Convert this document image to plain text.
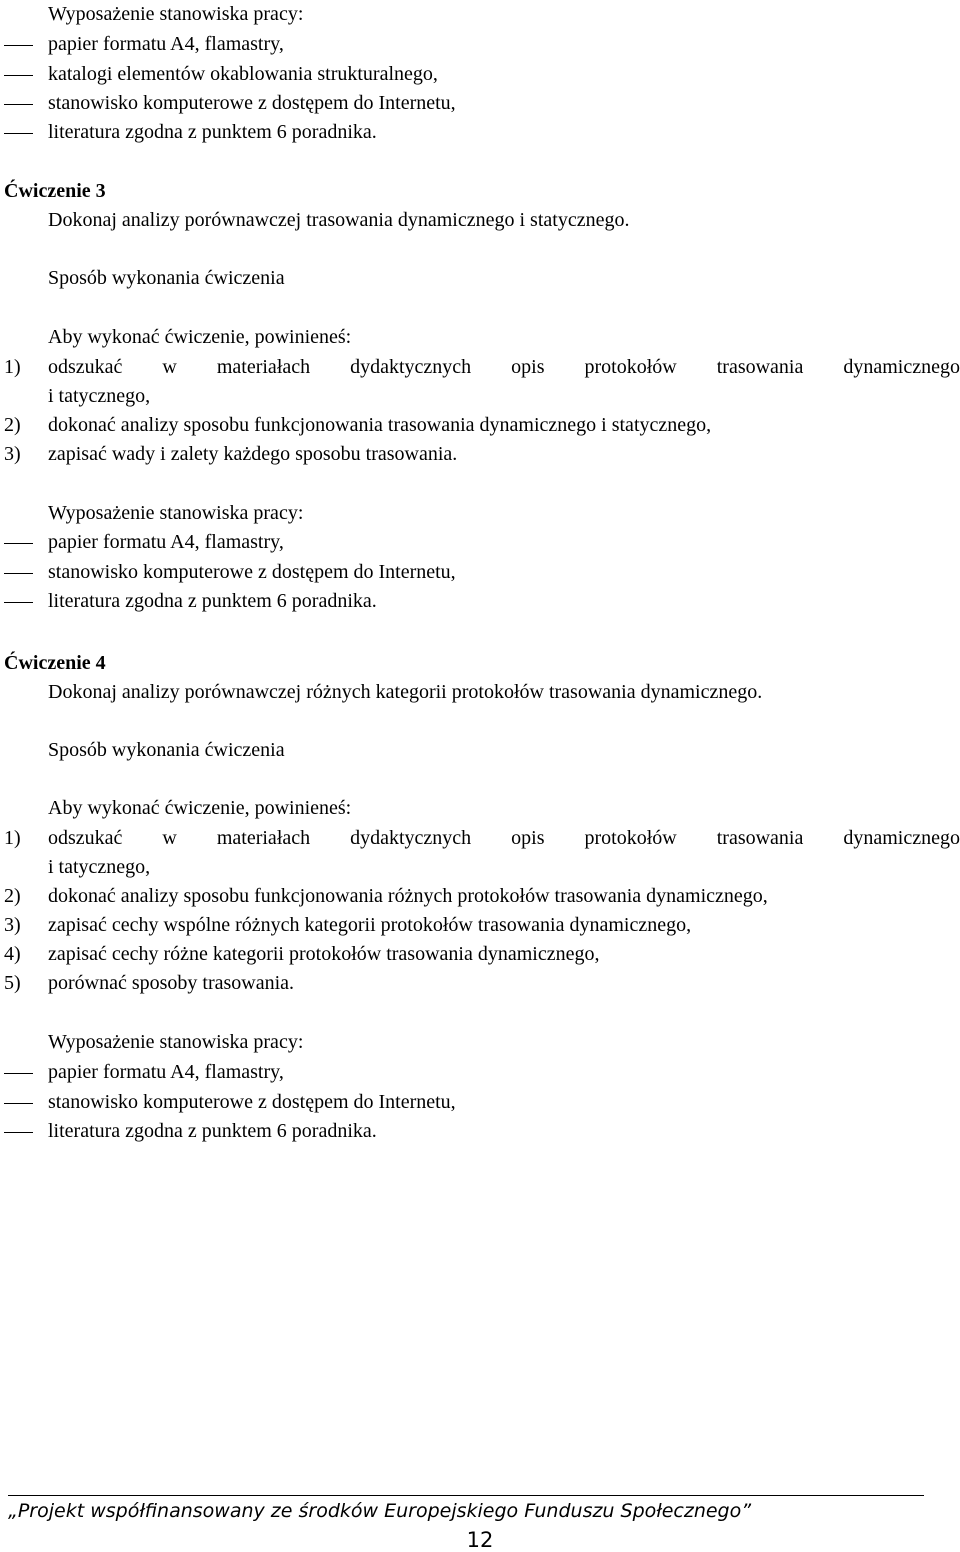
Wyposażenie stanowiska pracy:
papier formatu A4, flamastry,
katalogi elementów okablowania strukturalnego,
stanowisko komputerowe z dostępem do Internetu,
literatura zgodna z punktem 6 poradnika.
Ćwiczenie 3
Dokonaj analizy porównawczej trasowania dynamicznego i statycznego.
Sposób wykonania ćwiczenia
Aby wykonać ćwiczenie, powinieneś:
1)	odszukać w materiałach dydaktycznych opis protokołów trasowania dynamicznego
i tatycznego,
2)	dokonać analizy sposobu funkcjonowania trasowania dynamicznego i statycznego,
3)	zapisać wady i zalety każdego sposobu trasowania.
Wyposażenie stanowiska pracy:
papier formatu A4, flamastry,
stanowisko komputerowe z dostępem do Internetu,
literatura zgodna z punktem 6 poradnika.
Ćwiczenie 4
Dokonaj analizy porównawczej różnych kategorii protokołów trasowania dynamicznego.
Sposób wykonania ćwiczenia
Aby wykonać ćwiczenie, powinieneś:
1)	odszukać w materiałach dydaktycznych opis protokołów trasowania dynamicznego
i tatycznego,
2)	dokonać analizy sposobu funkcjonowania różnych protokołów trasowania dynamicznego,
3)	zapisać cechy wspólne różnych kategorii protokołów trasowania dynamicznego,
4)	zapisać cechy różne kategorii protokołów trasowania dynamicznego,
5)	porównać sposoby trasowania.
Wyposażenie stanowiska pracy:
papier formatu A4, flamastry,
stanowisko komputerowe z dostępem do Internetu,
literatura zgodna z punktem 6 poradnika.
„Projekt współfinansowany ze środków Europejskiego Funduszu Społecznego”
12
